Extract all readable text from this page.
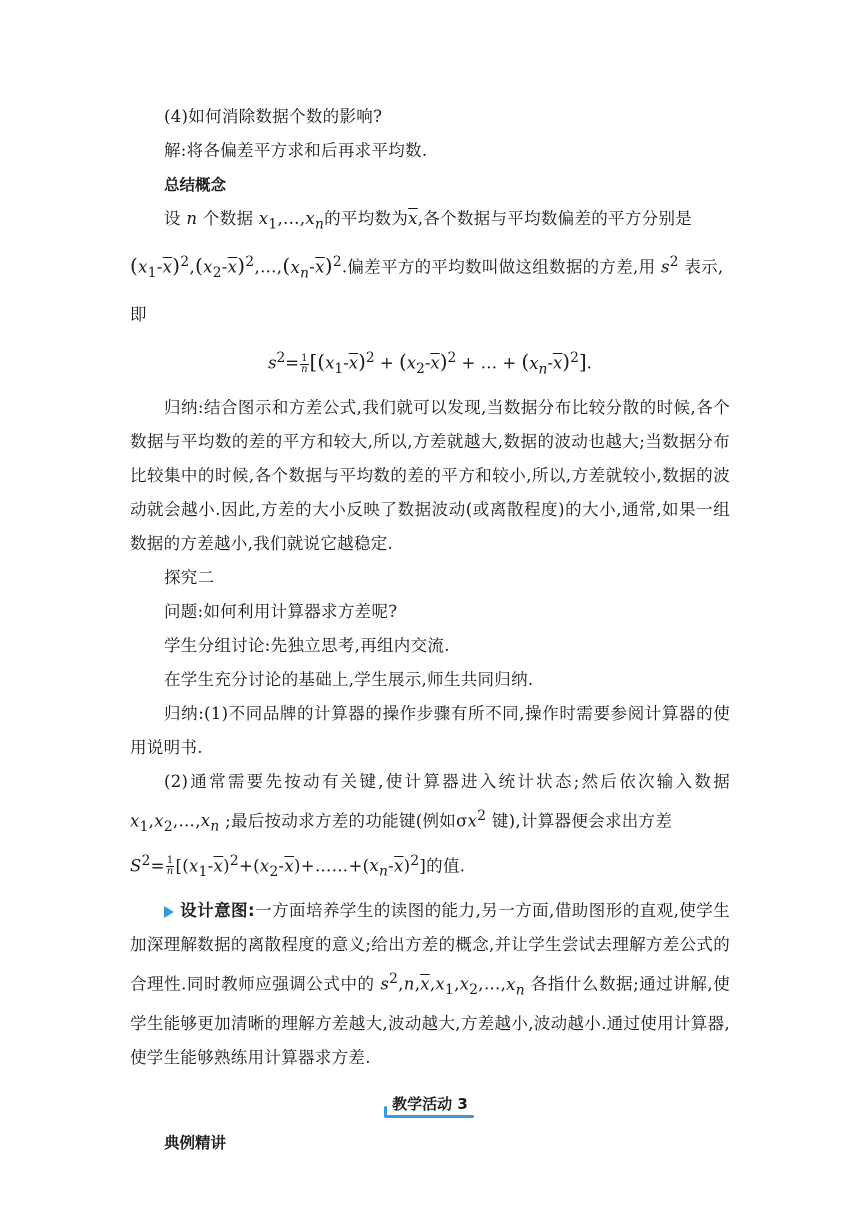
(4)如何消除数据个数的影响?

解:将各偏差平方求和后再求平均数.

总结概念

设 n 个数据 $x_1,\dots,x_n$的平均数为$\overline{x}$,各个数据与平均数偏差的平方分别是

$(x_1-\overline{x})^2,(x_2-\overline{x})^2,\dots,(x_n-\overline{x})^2$.偏差平方的平均数叫做这组数据的方差,用 $s^2$ 表示,即

$s^2= \frac{1}{n} [(x_1-\overline{x})^2 + (x_2-\overline{x})^2$ + … + $(x_n-\overline{x})^2$].

归纳:结合图示和方差公式,我们就可以发现,当数据分布比较分散的时候,各个数据与平均数的差的平方和较大,所以,方差就越大,数据的波动也越大;当数据分布比较集中的时候,各个数据与平均数的差的平方和较小,所以,方差就较小,数据的波动就会越小.因此,方差的大小反映了数据波动(或离散程度)的大小,通常,如果一组数据的方差越小,我们就说它越稳定.

探究二

问题:如何利用计算器求方差呢?

学生分组讨论:先独立思考,再组内交流.

在学生充分讨论的基础上,学生展示,师生共同归纳.

归纳:(1)不同品牌的计算器的操作步骤有所不同,操作时需要参阅计算器的使用说明书.

(2)通常需要先按动有关键,使计算器进入统计状态;然后依次输入数据 $x_1,x_2,\dots,x_n$ ;最后按动求方差的功能键(例如$\sigma x^2$ 键),计算器便会求出方差

$S^2= \frac{1}{n}$ $[(x_1-\overline{x})^2+(x_2-\overline{x})+\dots\dots+(x_n-\overline{x})^2]$的值.

设计意图:一方面培养学生的读图的能力,另一方面,借助图形的直观,使学生加深理解数据的离散程度的意义;给出方差的概念,并让学生尝试去理解方差公式的合理性.同时教师应强调公式中的 $s^2,n,\overline{x},x_1,x_2,\dots,x_n$ 各指什么数据;通过讲解,使学生能够更加清晰的理解方差越大,波动越大,方差越小,波动越小.通过使用计算器,使学生能够熟练用计算器求方差.

教学活动 3

典例精讲
